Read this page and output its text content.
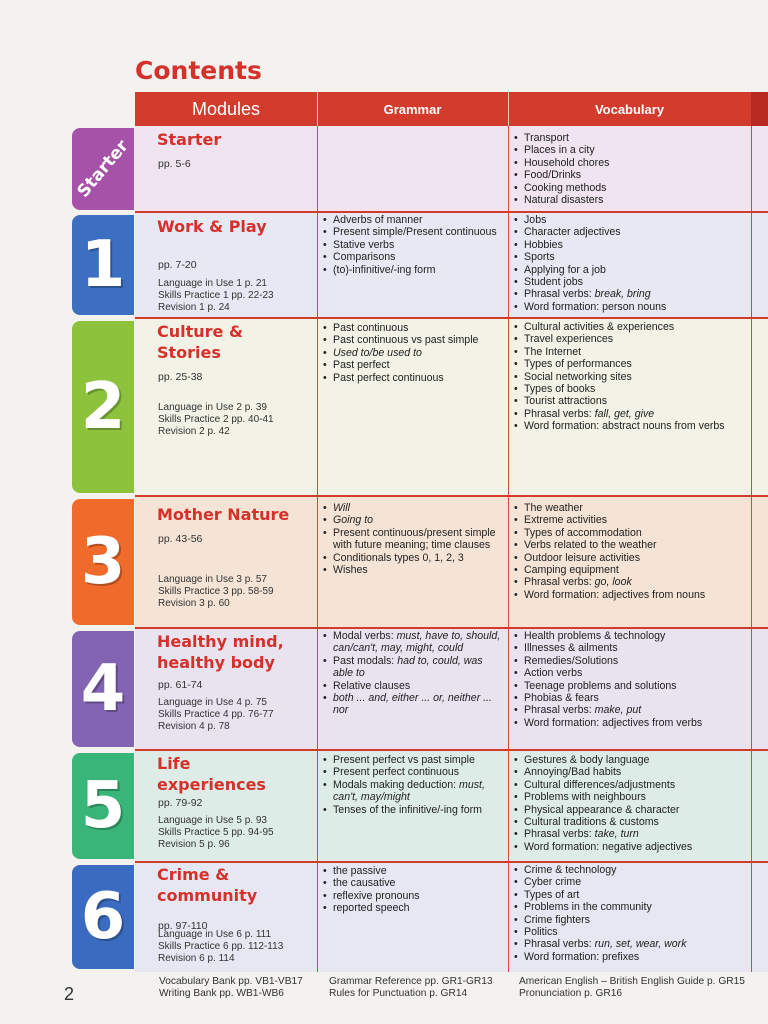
Contents
Modules	Grammar	Vocabulary
Starter
pp. 5-6
• Transport
• Places in a city
• Household chores
• Food/Drinks
• Cooking methods
• Natural disasters
Work & Play
pp. 7-20
Language in Use 1 p. 21
Skills Practice 1 pp. 22-23
Revision 1 p. 24
• Adverbs of manner
• Present simple/Present continuous
• Stative verbs
• Comparisons
• (to)-infinitive/-ing form
• Jobs
• Character adjectives
• Hobbies
• Sports
• Applying for a job
• Student jobs
• Phrasal verbs: break, bring
• Word formation: person nouns
Culture & Stories
pp. 25-38
Language in Use 2 p. 39
Skills Practice 2 pp. 40-41
Revision 2 p. 42
• Past continuous
• Past continuous vs past simple
• Used to/be used to
• Past perfect
• Past perfect continuous
• Cultural activities & experiences
• Travel experiences
• The Internet
• Types of performances
• Social networking sites
• Types of books
• Tourist attractions
• Phrasal verbs: fall, get, give
• Word formation: abstract nouns from verbs
Mother Nature
pp. 43-56
Language in Use 3 p. 57
Skills Practice 3 pp. 58-59
Revision 3 p. 60
• Will
• Going to
• Present continuous/present simple with future meaning; time clauses
• Conditionals types 0, 1, 2, 3
• Wishes
• The weather
• Extreme activities
• Types of accommodation
• Verbs related to the weather
• Outdoor leisure activities
• Camping equipment
• Phrasal verbs: go, look
• Word formation: adjectives from nouns
Healthy mind, healthy body
pp. 61-74
Language in Use 4 p. 75
Skills Practice 4 pp. 76-77
Revision 4 p. 78
• Modal verbs: must, have to, should, can/can't, may, might, could
• Past modals: had to, could, was able to
• Relative clauses
• both ... and, either ... or, neither ... nor
• Health problems & technology
• Illnesses & ailments
• Remedies/Solutions
• Action verbs
• Teenage problems and solutions
• Phobias & fears
• Phrasal verbs: make, put
• Word formation: adjectives from verbs
Life experiences
pp. 79-92
Language in Use 5 p. 93
Skills Practice 5 pp. 94-95
Revision 5 p. 96
• Present perfect vs past simple
• Present perfect continuous
• Modals making deduction: must, can't, may/might
• Tenses of the infinitive/-ing form
• Gestures & body language
• Annoying/Bad habits
• Cultural differences/adjustments
• Problems with neighbours
• Physical appearance & character
• Cultural traditions & customs
• Phrasal verbs: take, turn
• Word formation: negative adjectives
Crime & community
pp. 97-110
Language in Use 6 p. 111
Skills Practice 6 pp. 112-113
Revision 6 p. 114
• the passive
• the causative
• reflexive pronouns
• reported speech
• Crime & technology
• Cyber crime
• Types of art
• Problems in the community
• Crime fighters
• Politics
• Phrasal verbs: run, set, wear, work
• Word formation: prefixes
Vocabulary Bank pp. VB1-VB17
Writing Bank pp. WB1-WB6
Grammar Reference pp. GR1-GR13
Rules for Punctuation p. GR14
American English – British English Guide p. GR15
Pronunciation p. GR16
2
Starter
1
2
3
4
5
6
